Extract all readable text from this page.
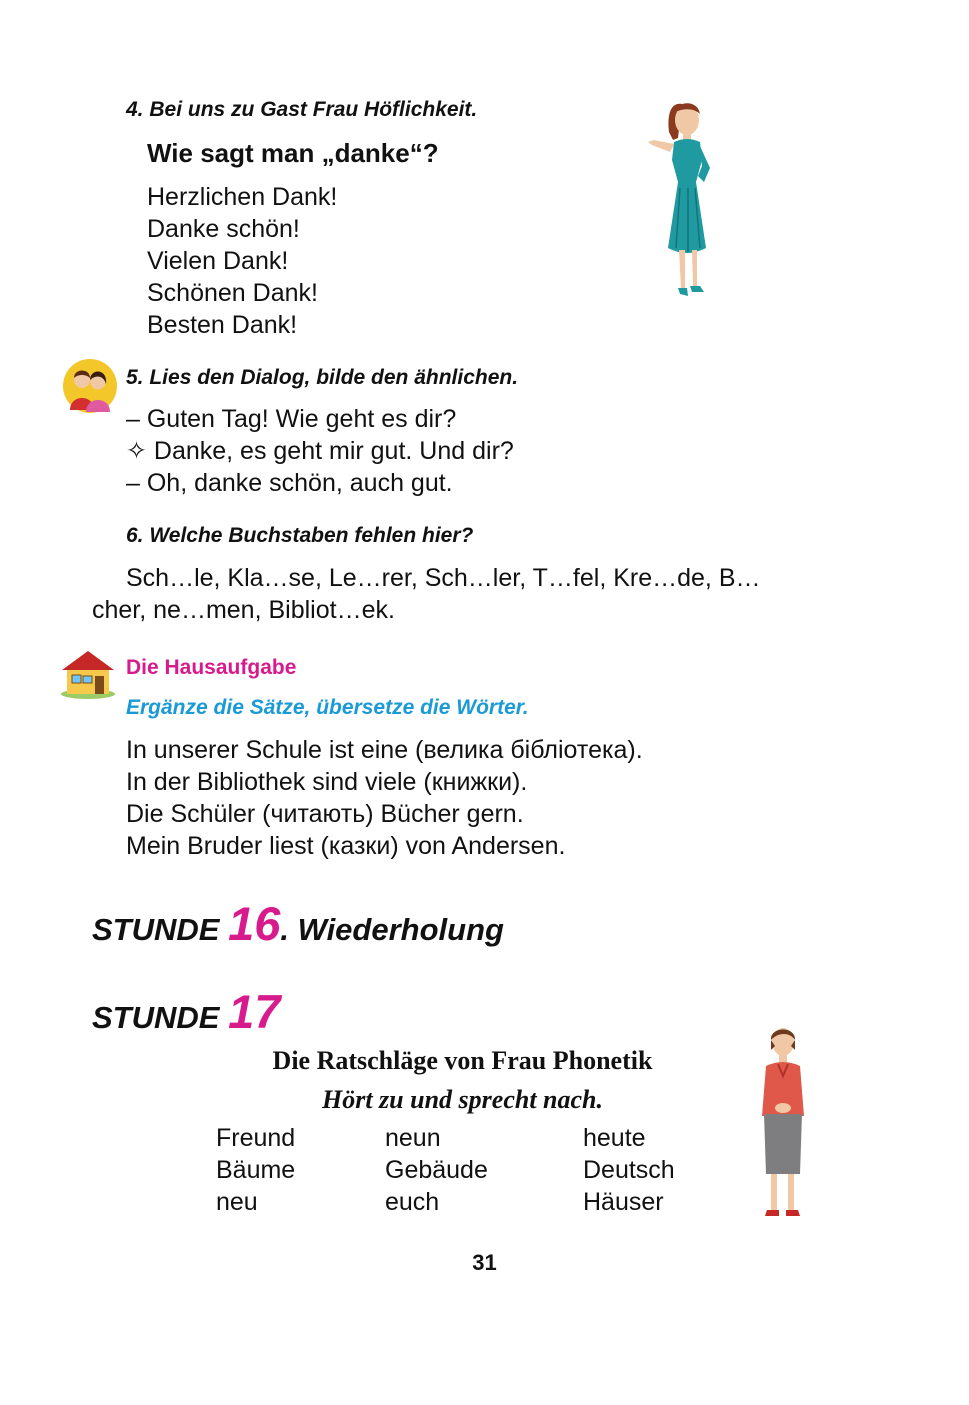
4. Bei uns zu Gast Frau Höflichkeit.
Wie sagt man „danke“?
Herzlichen Dank!
Danke schön!
Vielen Dank!
Schönen Dank!
Besten Dank!
5. Lies den Dialog, bilde den ähnlichen.
– Guten Tag! Wie geht es dir?
✧ Danke, es geht mir gut. Und dir?
– Oh, danke schön, auch gut.
6. Welche Buchstaben fehlen hier?
Sch…le, Kla…se, Le…rer, Sch…ler, T…fel, Kre…de, B…
cher, ne…men, Bibliot…ek.
Die Hausaufgabe
Ergänze die Sätze, übersetze die Wörter.
In unserer Schule ist eine (велика бібліотека).
In der Bibliothek sind viele (книжки).
Die Schüler (читають) Bücher gern.
Mein Bruder liest (казки) von Andersen.
STUNDE 16. Wiederholung
STUNDE 17
Die Ratschläge von Frau Phonetik
Hört zu und sprecht nach.
Freund	neun	heute
Bäume	Gebäude	Deutsch
neu	euch	Häuser
31
